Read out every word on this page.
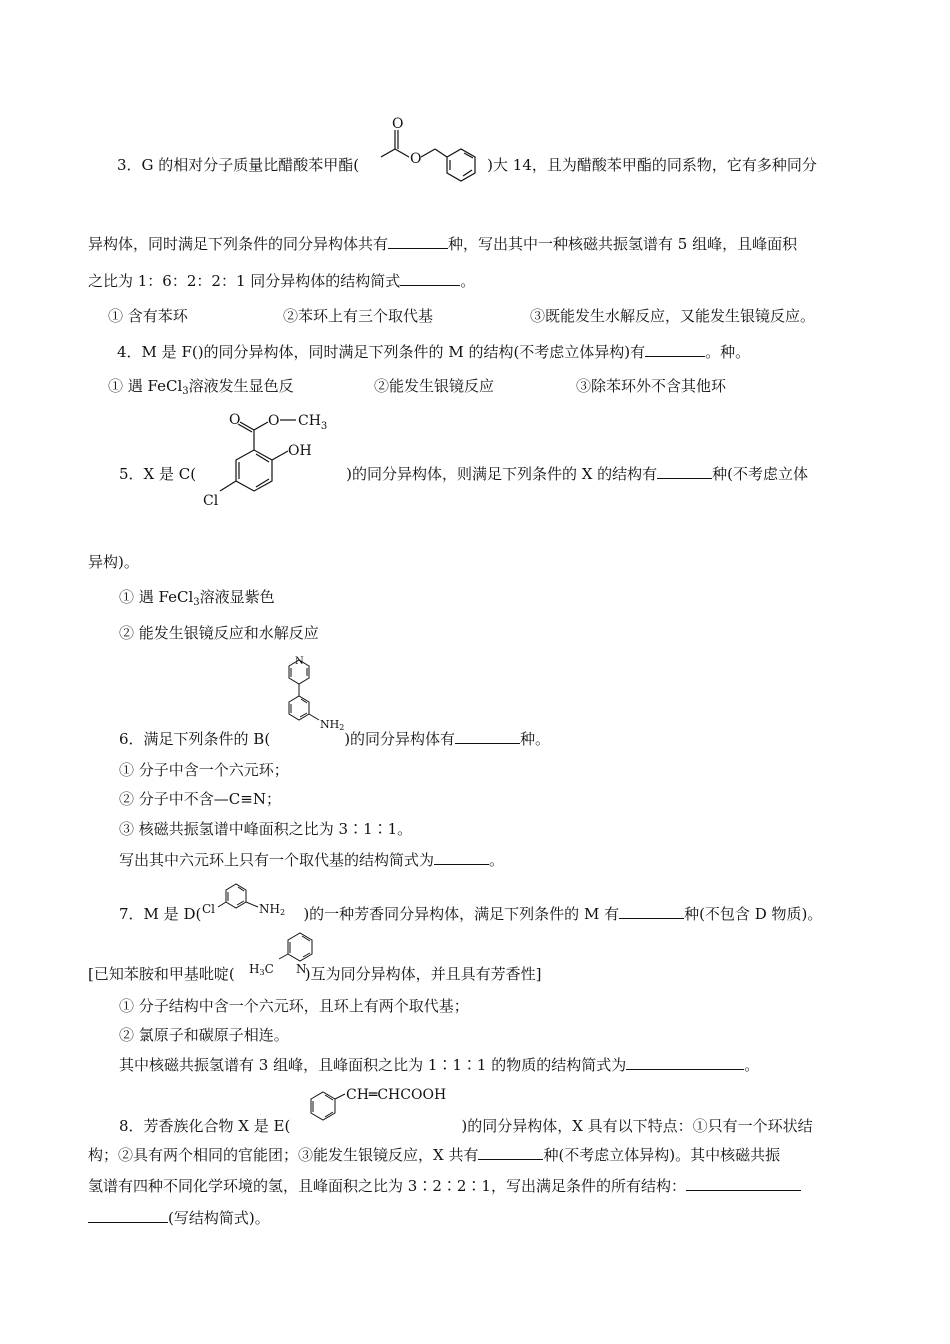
3．G 的相对分子质量比醋酸苯甲酯(	)大 14，且为醋酸苯甲酯的同系物，它有多种同分
O
O
异构体，同时满足下列条件的同分异构体共有	种，写出其中一种核磁共振氢谱有 5 组峰，且峰面积
之比为 1：6：2：2：1 同分异构体的结构简式	。
① 含有苯环	②苯环上有三个取代基	③既能发生水解反应，又能发生银镜反应。
4．M 是 F()的同分异构体，同时满足下列条件的 M 的结构(不考虑立体异构)有	。种。
① 遇 FeCl$_3$溶液发生显色反	②能发生银镜反应	③除苯环外不含其他环
5．X 是 C(	)的同分异构体，则满足下列条件的 X 的结构有	种(不考虑立体
O O $CH_3$
OH
Cl
异构)。
① 遇 FeCl$_3$溶液显紫色
② 能发生银镜反应和水解反应
N
NH2
6．满足下列条件的 B(	)的同分异构体有	种。
① 分子中含一个六元环；
② 分子中不含—C≡N；
③ 核磁共振氢谱中峰面积之比为 3∶1∶1。
写出其中六元环上只有一个取代基的结构简式为	。
7．M 是 D(	)的一种芳香同分异构体，满足下列条件的 M 有	种(不包含 D 物质)。
Cl	NH2
[已知苯胺和甲基吡啶(	)互为同分异构体，并且具有芳香性]
H3C N
① 分子结构中含一个六元环，且环上有两个取代基；
② 氯原子和碳原子相连。
其中核磁共振氢谱有 3 组峰，且峰面积之比为 1∶1∶1 的物质的结构简式为	。
8．芳香族化合物 X 是 E(	)的同分异构体，X 具有以下特点：①只有一个环状结
CH═CHCOOH
构；②具有两个相同的官能团；③能发生银镜反应，X 共有	种(不考虑立体异构)。其中核磁共振
氢谱有四种不同化学环境的氢，且峰面积之比为 3∶2∶2∶1，写出满足条件的所有结构：
(写结构简式)。
